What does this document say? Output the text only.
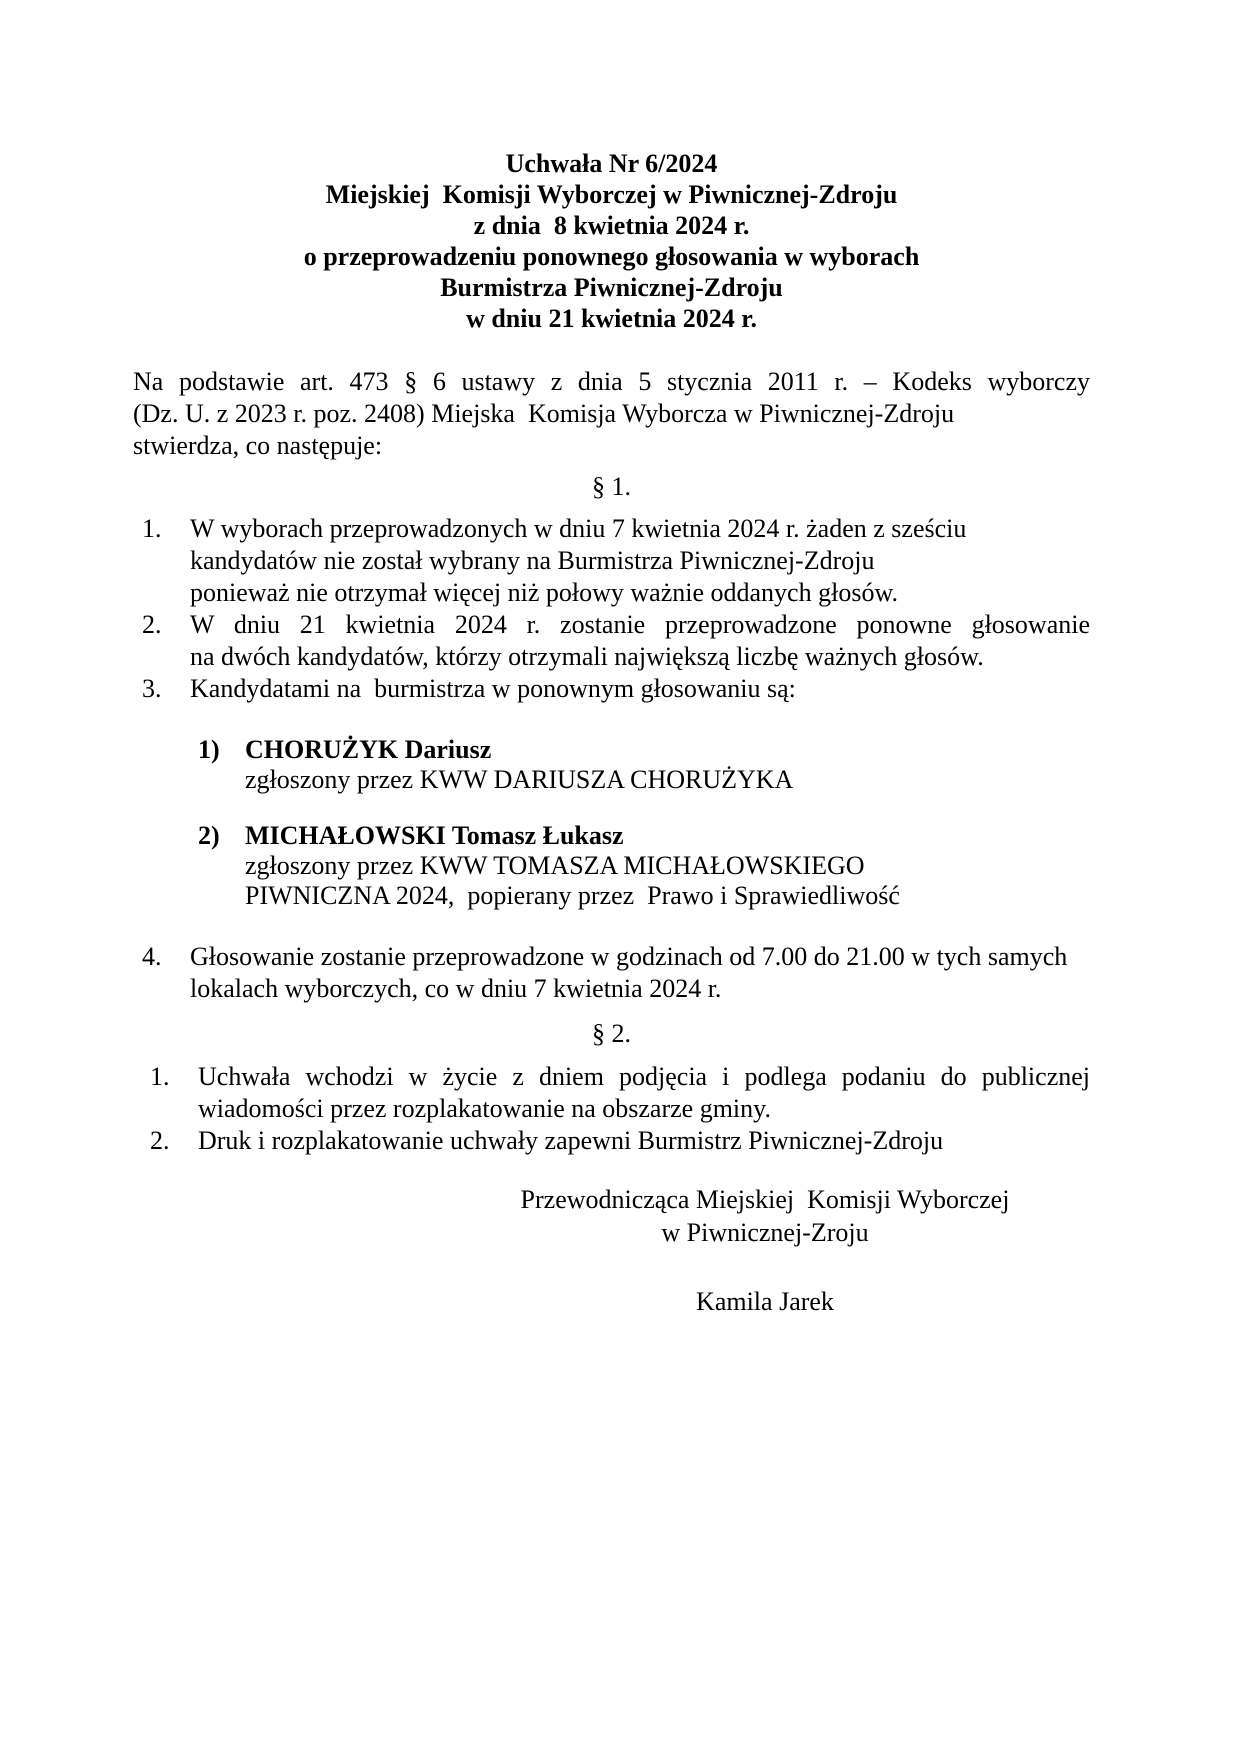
Uchwała Nr 6/2024
Miejskiej  Komisji Wyborczej w Piwnicznej-Zdroju
z dnia  8 kwietnia 2024 r.
o przeprowadzeniu ponownego głosowania w wyborach
Burmistrza Piwnicznej-Zdroju
w dniu 21 kwietnia 2024 r.
Na podstawie art. 473 § 6 ustawy z dnia 5 stycznia 2011 r. – Kodeks wyborczy
(Dz. U. z 2023 r. poz. 2408) Miejska  Komisja Wyborcza w Piwnicznej-Zdroju
stwierdza, co następuje:
§ 1.
1. W wyborach przeprowadzonych w dniu 7 kwietnia 2024 r. żaden z sześciu
kandydatów nie został wybrany na Burmistrza Piwnicznej-Zdroju
ponieważ nie otrzymał więcej niż połowy ważnie oddanych głosów.
2. W dniu 21 kwietnia 2024 r. zostanie przeprowadzone ponowne głosowanie
na dwóch kandydatów, którzy otrzymali największą liczbę ważnych głosów.
3. Kandydatami na  burmistrza w ponownym głosowaniu są:
1) CHORUŻYK Dariusz
zgłoszony przez KWW DARIUSZA CHORUŻYKA
2) MICHAŁOWSKI Tomasz Łukasz
zgłoszony przez KWW TOMASZA MICHAŁOWSKIEGO
PIWNICZNA 2024,  popierany przez  Prawo i Sprawiedliwość
4. Głosowanie zostanie przeprowadzone w godzinach od 7.00 do 21.00 w tych samych
lokalach wyborczych, co w dniu 7 kwietnia 2024 r.
§ 2.
1. Uchwała wchodzi w życie z dniem podjęcia i podlega podaniu do publicznej
wiadomości przez rozplakatowanie na obszarze gminy.
2. Druk i rozplakatowanie uchwały zapewni Burmistrz Piwnicznej-Zdroju
Przewodnicząca Miejskiej  Komisji Wyborczej
w Piwnicznej-Zroju
Kamila Jarek
